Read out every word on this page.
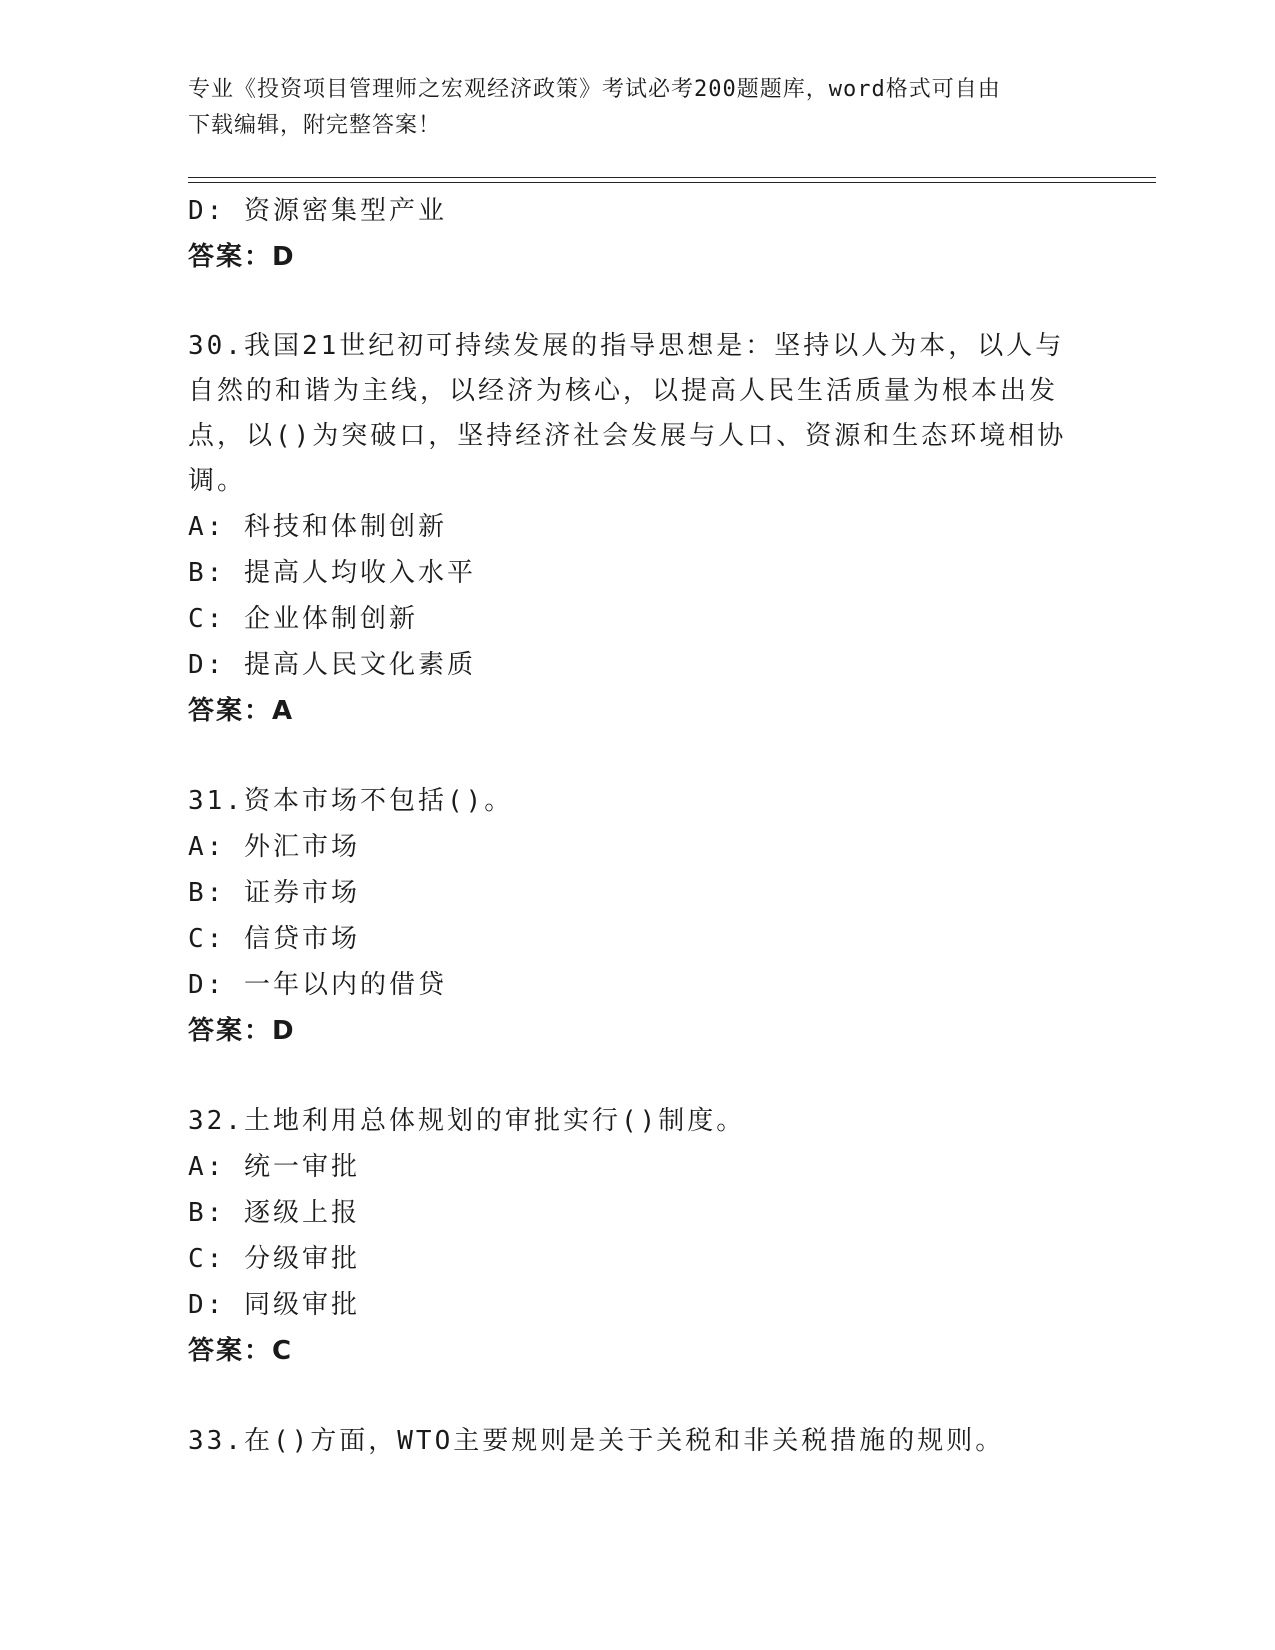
专业《投资项目管理师之宏观经济政策》考试必考200题题库，word格式可自由
下载编辑，附完整答案！
D: 资源密集型产业
答案：D
30.我国21世纪初可持续发展的指导思想是：坚持以人为本，以人与
自然的和谐为主线，以经济为核心，以提高人民生活质量为根本出发
点，以()为突破口，坚持经济社会发展与人口、资源和生态环境相协
调。
A: 科技和体制创新
B: 提高人均收入水平
C: 企业体制创新
D: 提高人民文化素质
答案：A
31.资本市场不包括()。
A: 外汇市场
B: 证券市场
C: 信贷市场
D: 一年以内的借贷
答案：D
32.土地利用总体规划的审批实行()制度。
A: 统一审批
B: 逐级上报
C: 分级审批
D: 同级审批
答案：C
33.在()方面，WTO主要规则是关于关税和非关税措施的规则。
